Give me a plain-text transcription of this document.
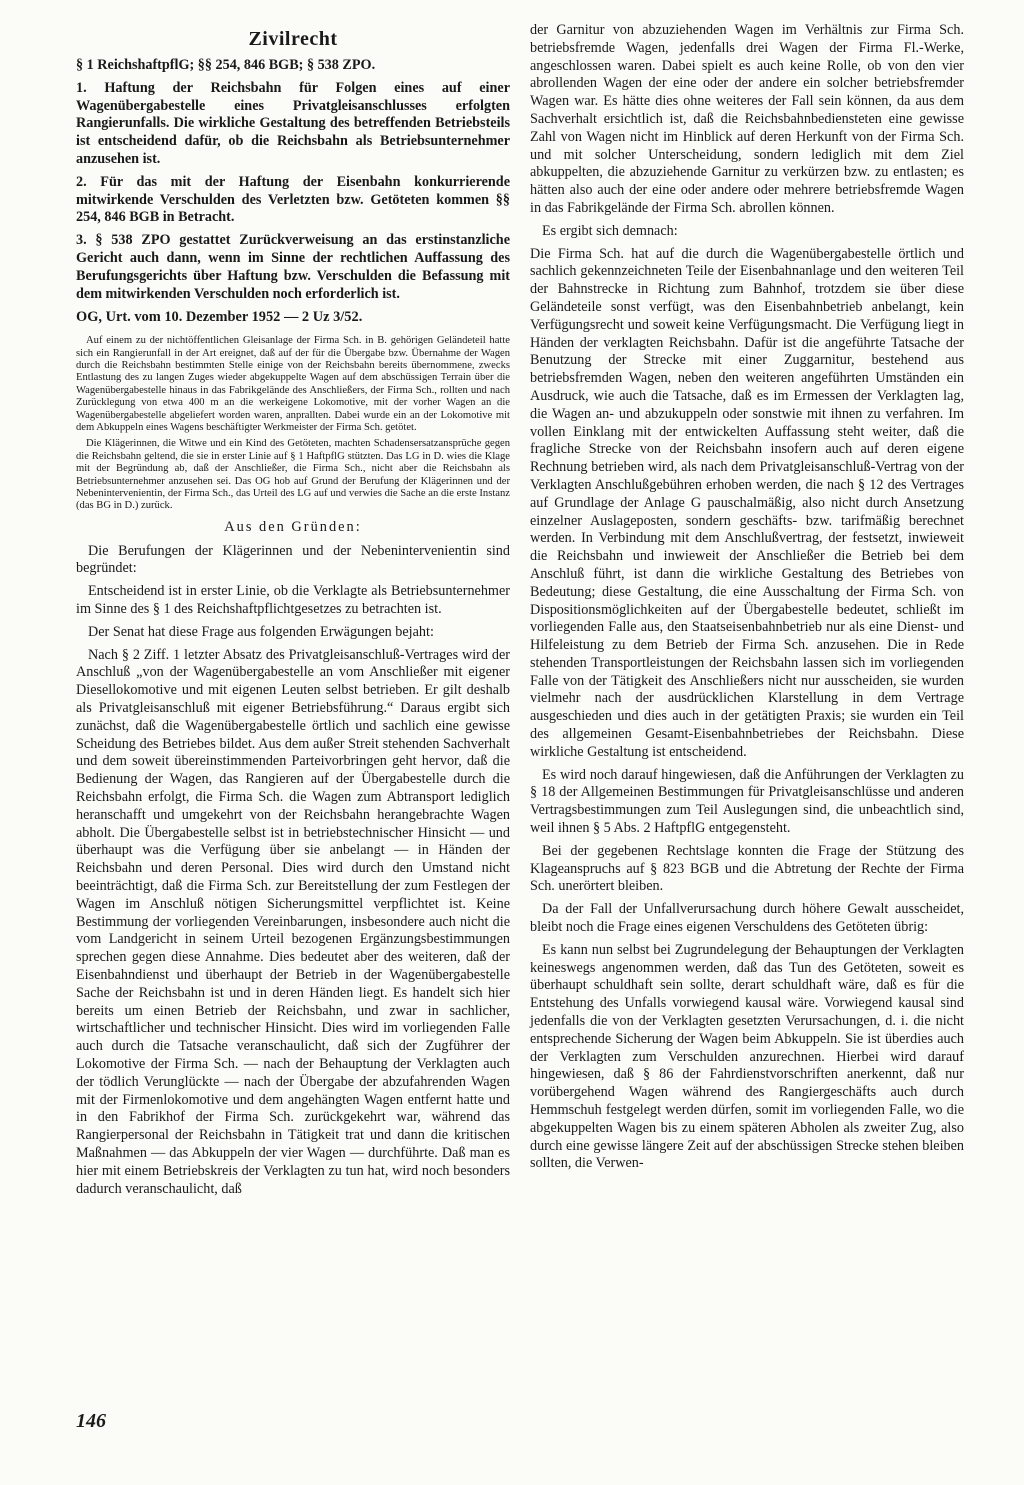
Zivilrecht

§ 1 ReichshaftpflG; §§ 254, 846 BGB; § 538 ZPO.

1. Haftung der Reichsbahn für Folgen eines auf einer Wagenübergabestelle eines Privatgleisanschlusses erfolgten Rangierunfalls. Die wirkliche Gestaltung des betreffenden Betriebsteils ist entscheidend dafür, ob die Reichsbahn als Betriebsunternehmer anzusehen ist.

2. Für das mit der Haftung der Eisenbahn konkurrierende mitwirkende Verschulden des Verletzten bzw. Getöteten kommen §§ 254, 846 BGB in Betracht.

3. § 538 ZPO gestattet Zurückverweisung an das erstinstanzliche Gericht auch dann, wenn im Sinne der rechtlichen Auffassung des Berufungsgerichts über Haftung bzw. Verschulden die Befassung mit dem mitwirkenden Verschulden noch erforderlich ist.

OG, Urt. vom 10. Dezember 1952 — 2 Uz 3/52.

Auf einem zu der nichtöffentlichen Gleisanlage der Firma Sch. in B. gehörigen Geländeteil hatte sich ein Rangierunfall in der Art ereignet, daß auf der für die Übergabe bzw. Übernahme der Wagen durch die Reichsbahn bestimmten Stelle einige von der Reichsbahn bereits übernommene, zwecks Entlastung des zu langen Zuges wieder abgekuppelte Wagen auf dem abschüssigen Terrain über die Wagenübergabestelle hinaus in das Fabrikgelände des Anschließers, der Firma Sch., rollten und nach Zurücklegung von etwa 400 m an die werkeigene Lokomotive, mit der vorher Wagen an die Wagenübergabestelle abgeliefert worden waren, anprallten. Dabei wurde ein an der Lokomotive mit dem Abkuppeln eines Wagens beschäftigter Werkmeister der Firma Sch. getötet.

Die Klägerinnen, die Witwe und ein Kind des Getöteten, machten Schadensersatzansprüche gegen die Reichsbahn geltend, die sie in erster Linie auf § 1 HaftpflG stützten. Das LG in D. wies die Klage mit der Begründung ab, daß der Anschließer, die Firma Sch., nicht aber die Reichsbahn als Betriebsunternehmer anzusehen sei. Das OG hob auf Grund der Berufung der Klägerinnen und der Nebenintervenientin, der Firma Sch., das Urteil des LG auf und verwies die Sache an die erste Instanz (das BG in D.) zurück.

Aus den Gründen:

Die Berufungen der Klägerinnen und der Nebenintervenientin sind begründet:

Entscheidend ist in erster Linie, ob die Verklagte als Betriebsunternehmer im Sinne des § 1 des Reichshaftpflichtgesetzes zu betrachten ist.

Der Senat hat diese Frage aus folgenden Erwägungen bejaht:

Nach § 2 Ziff. 1 letzter Absatz des Privatgleisanschluß-Vertrages wird der Anschluß „von der Wagenübergabestelle an vom Anschließer mit eigener Diesellokomotive und mit eigenen Leuten selbst betrieben. Er gilt deshalb als Privatgleisanschluß mit eigener Betriebsführung.“ Daraus ergibt sich zunächst, daß die Wagenübergabestelle örtlich und sachlich eine gewisse Scheidung des Betriebes bildet. Aus dem außer Streit stehenden Sachverhalt und dem soweit übereinstimmenden Parteivorbringen geht hervor, daß die Bedienung der Wagen, das Rangieren auf der Übergabestelle durch die Reichsbahn erfolgt, die Firma Sch. die Wagen zum Abtransport lediglich heranschafft und umgekehrt von der Reichsbahn herangebrachte Wagen abholt. Die Übergabestelle selbst ist in betriebstechnischer Hinsicht — und überhaupt was die Verfügung über sie anbelangt — in Händen der Reichsbahn und deren Personal. Dies wird durch den Umstand nicht beeinträchtigt, daß die Firma Sch. zur Bereitstellung der zum Festlegen der Wagen im Anschluß nötigen Sicherungsmittel verpflichtet ist. Keine Bestimmung der vorliegenden Vereinbarungen, insbesondere auch nicht die vom Landgericht in seinem Urteil bezogenen Ergänzungsbestimmungen sprechen gegen diese Annahme. Dies bedeutet aber des weiteren, daß der Eisenbahndienst und überhaupt der Betrieb in der Wagenübergabestelle Sache der Reichsbahn ist und in deren Händen liegt. Es handelt sich hier bereits um einen Betrieb der Reichsbahn, und zwar in sachlicher, wirtschaftlicher und technischer Hinsicht. Dies wird im vorliegenden Falle auch durch die Tatsache veranschaulicht, daß sich der Zugführer der Lokomotive der Firma Sch. — nach der Behauptung der Verklagten auch der tödlich Verunglückte — nach der Übergabe der abzufahrenden Wagen mit der Firmenlokomotive und dem angehängten Wagen entfernt hatte und in den Fabrikhof der Firma Sch. zurückgekehrt war, während das Rangierpersonal der Reichsbahn in Tätigkeit trat und dann die kritischen Maßnahmen — das Abkuppeln der vier Wagen — durchführte. Daß man es hier mit einem Betriebskreis der Verklagten zu tun hat, wird noch besonders dadurch veranschaulicht, daß

der Garnitur von abzuziehenden Wagen im Verhältnis zur Firma Sch. betriebsfremde Wagen, jedenfalls drei Wagen der Firma Fl.-Werke, angeschlossen waren. Dabei spielt es auch keine Rolle, ob von den vier abrollenden Wagen der eine oder der andere ein solcher betriebsfremder Wagen war. Es hätte dies ohne weiteres der Fall sein können, da aus dem Sachverhalt ersichtlich ist, daß die Reichsbahnbediensteten eine gewisse Zahl von Wagen nicht im Hinblick auf deren Herkunft von der Firma Sch. und mit solcher Unterscheidung, sondern lediglich mit dem Ziel abkuppelten, die abzuziehende Garnitur zu verkürzen bzw. zu entlasten; es hätten also auch der eine oder andere oder mehrere betriebsfremde Wagen in das Fabrikgelände der Firma Sch. abrollen können.

Es ergibt sich demnach:

Die Firma Sch. hat auf die durch die Wagenübergabestelle örtlich und sachlich gekennzeichneten Teile der Eisenbahnanlage und den weiteren Teil der Bahnstrecke in Richtung zum Bahnhof, trotzdem sie über diese Geländeteile sonst verfügt, was den Eisenbahnbetrieb anbelangt, kein Verfügungsrecht und soweit keine Verfügungsmacht. Die Verfügung liegt in Händen der verklagten Reichsbahn. Dafür ist die angeführte Tatsache der Benutzung der Strecke mit einer Zuggarnitur, bestehend aus betriebsfremden Wagen, neben den weiteren angeführten Umständen ein Ausdruck, wie auch die Tatsache, daß es im Ermessen der Verklagten lag, die Wagen an- und abzukuppeln oder sonstwie mit ihnen zu verfahren. Im vollen Einklang mit der entwickelten Auffassung steht weiter, daß die fragliche Strecke von der Reichsbahn insofern auch auf deren eigene Rechnung betrieben wird, als nach dem Privatgleisanschluß-Vertrag von der Verklagten Anschlußgebühren erhoben werden, die nach § 12 des Vertrages auf Grundlage der Anlage G pauschalmäßig, also nicht durch Ansetzung einzelner Auslageposten, sondern geschäfts- bzw. tarifmäßig berechnet werden. In Verbindung mit dem Anschlußvertrag, der festsetzt, inwieweit die Reichsbahn und inwieweit der Anschließer die Betrieb bei dem Anschluß führt, ist dann die wirkliche Gestaltung des Betriebes von Bedeutung; diese Gestaltung, die eine Ausschaltung der Firma Sch. von Dispositionsmöglichkeiten auf der Übergabestelle bedeutet, schließt im vorliegenden Falle aus, den Staatseisenbahnbetrieb nur als eine Dienst- und Hilfeleistung zu dem Betrieb der Firma Sch. anzusehen. Die in Rede stehenden Transportleistungen der Reichsbahn lassen sich im vorliegenden Falle von der Tätigkeit des Anschließers nicht nur ausscheiden, sie wurden vielmehr nach der ausdrücklichen Klarstellung in dem Vertrage ausgeschieden und dies auch in der getätigten Praxis; sie wurden ein Teil des allgemeinen Gesamt-Eisenbahnbetriebes der Reichsbahn. Diese wirkliche Gestaltung ist entscheidend.

Es wird noch darauf hingewiesen, daß die Anführungen der Verklagten zu § 18 der Allgemeinen Bestimmungen für Privatgleisanschlüsse und anderen Vertragsbestimmungen zum Teil Auslegungen sind, die unbeachtlich sind, weil ihnen § 5 Abs. 2 HaftpflG entgegensteht.

Bei der gegebenen Rechtslage konnten die Frage der Stützung des Klageanspruchs auf § 823 BGB und die Abtretung der Rechte der Firma Sch. unerörtert bleiben.

Da der Fall der Unfallverursachung durch höhere Gewalt ausscheidet, bleibt noch die Frage eines eigenen Verschuldens des Getöteten übrig:

Es kann nun selbst bei Zugrundelegung der Behauptungen der Verklagten keineswegs angenommen werden, daß das Tun des Getöteten, soweit es überhaupt schuldhaft sein sollte, derart schuldhaft wäre, daß es für die Entstehung des Unfalls vorwiegend kausal wäre. Vorwiegend kausal sind jedenfalls die von der Verklagten gesetzten Verursachungen, d. i. die nicht entsprechende Sicherung der Wagen beim Abkuppeln. Sie ist überdies auch der Verklagten zum Verschulden anzurechnen. Hierbei wird darauf hingewiesen, daß § 86 der Fahrdienstvorschriften anerkennt, daß nur vorübergehend Wagen während des Rangiergeschäfts auch durch Hemmschuh festgelegt werden dürfen, somit im vorliegenden Falle, wo die abgekuppelten Wagen bis zu einem späteren Abholen als zweiter Zug, also durch eine gewisse längere Zeit auf der abschüssigen Strecke stehen bleiben sollten, die Verwen-

146
